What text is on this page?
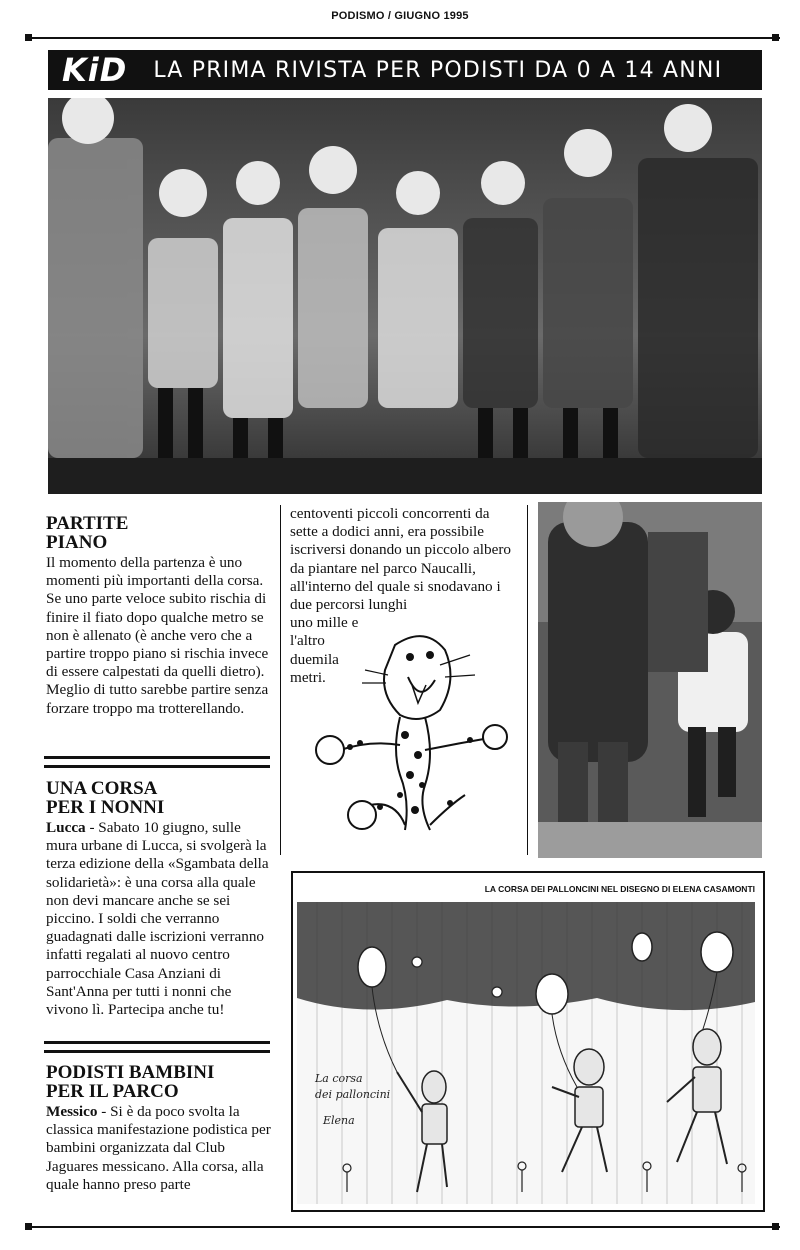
PODISMO / GIUGNO 1995
KiD LA PRIMA RIVISTA PER PODISTI DA 0 A 14 ANNI
PARTITE
PIANO

Il momento della partenza è uno momenti più importanti della corsa. Se uno parte veloce subito rischia di finire il fiato dopo qualche metro se non è allenato (è anche vero che a partire troppo piano si rischia invece di essere calpestati da quelli dietro). Meglio di tutto sarebbe partire senza forzare troppo ma trotterellando.

UNA CORSA
PER I NONNI

Lucca - Sabato 10 giugno, sulle mura urbane di Lucca, si svolgerà la terza edizione della «Sgambata della solidarietà»: è una corsa alla quale non devi mancare anche se sei piccino. I soldi che verranno guadagnati dalle iscrizioni verranno infatti regalati al nuovo centro parrocchiale Casa Anziani di Sant'Anna per tutti i nonni che vivono lì. Partecipa anche tu!

PODISTI BAMBINI
PER IL PARCO

Messico - Si è da poco svolta la classica manifestazione podistica per bambini organizzata dal Club Jaguares messicano. Alla corsa, alla quale hanno preso parte

centoventi piccoli concorrenti da sette a dodici anni, era possibile iscriversi donando un piccolo albero da piantare nel parco Naucalli, all'interno del quale si snodavano i due percorsi lunghi

uno mille e
l'altro
duemila
metri.
LA CORSA DEI PALLONCINI NEL DISEGNO DI ELENA CASAMONTI
La corsa
dei palloncini
Elena
